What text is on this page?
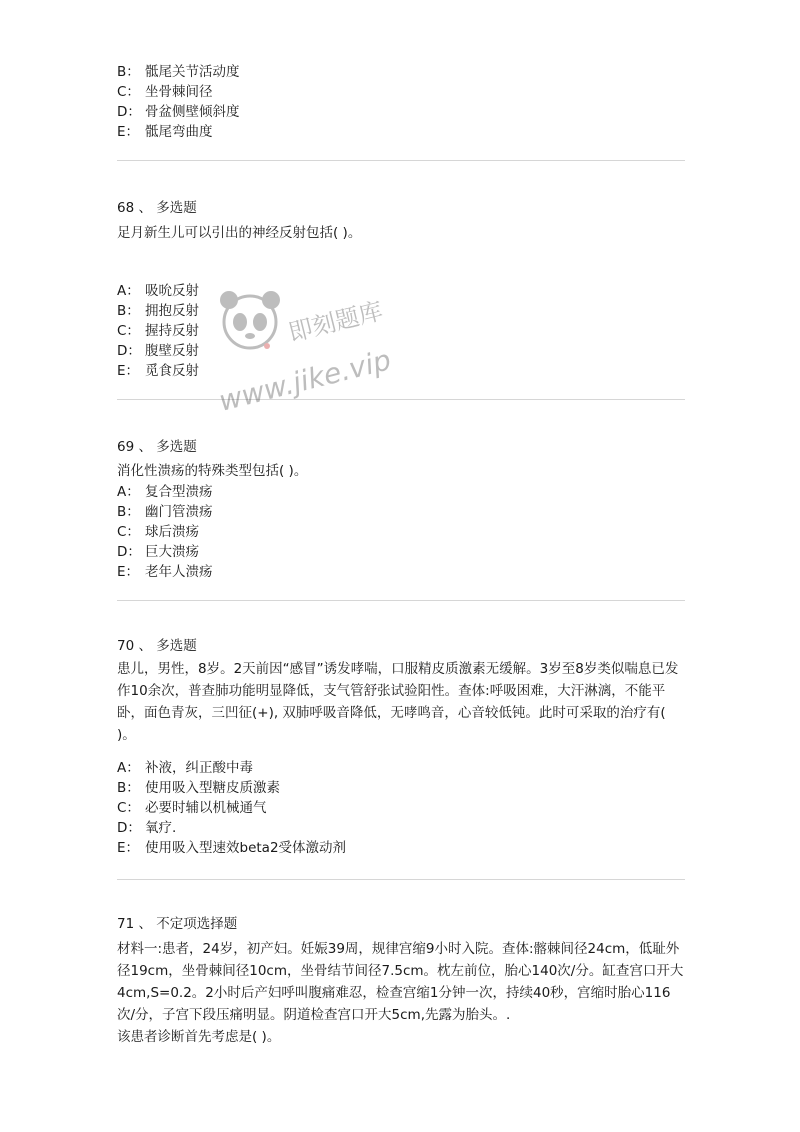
B： 骶尾关节活动度
C： 坐骨棘间径
D： 骨盆侧壁倾斜度
E： 骶尾弯曲度
68 、 多选题
足月新生儿可以引出的神经反射包括( )。
A： 吸吮反射
B： 拥抱反射
C： 握持反射
D： 腹壁反射
E： 觅食反射
即刻题库
www.jike.vip
69 、 多选题
消化性溃疡的特殊类型包括( )。
A： 复合型溃疡
B： 幽门管溃疡
C： 球后溃疡
D： 巨大溃疡
E： 老年人溃疡
70 、 多选题
患儿，男性，8岁。2天前因“感冒”诱发哮喘，口服精皮质激素无缓解。3岁至8岁类似喘息已发作10余次，普查肺功能明显降低，支气管舒张试验阳性。查体:呼吸困难，大汗淋漓，不能平卧，面色青灰，三凹征(+), 双肺呼吸音降低，无哮鸣音，心音较低钝。此时可采取的治疗有( )。
A： 补液，纠正酸中毒
B： 使用吸入型糖皮质激素
C： 必要时辅以机械通气
D： 氧疗.
E： 使用吸入型速效beta2受体激动剂
71 、 不定项选择题
材料一:患者，24岁，初产妇。妊娠39周，规律宫缩9小时入院。查体:髂棘间径24cm，低耻外径19cm，坐骨棘间径10cm，坐骨结节间径7.5cm。枕左前位，胎心140次/分。缸查宫口开大4cm,S=0.2。2小时后产妇呼叫腹痛难忍，检查宫缩1分钟一次，持续40秒，宫缩时胎心116次/分，子宫下段压痛明显。阴道检查宫口开大5cm,先露为胎头。.
该患者诊断首先考虑是( )。
